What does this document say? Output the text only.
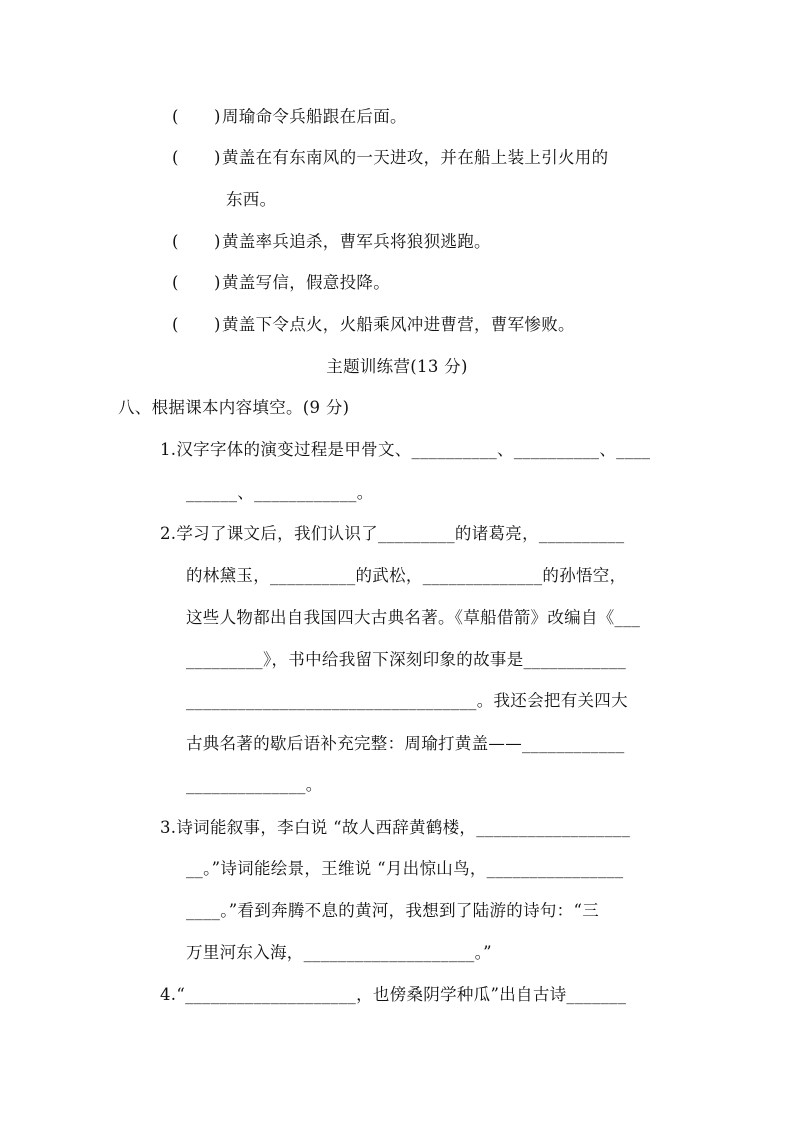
( ) 周瑜命令兵船跟在后面。
( ) 黄盖在有东南风的一天进攻，并在船上装上引火用的
东西。
( ) 黄盖率兵追杀，曹军兵将狼狈逃跑。
( ) 黄盖写信，假意投降。
( ) 黄盖下令点火，火船乘风冲进曹营，曹军惨败。
主题训练营(13 分)
八、根据课本内容填空。(9 分)
1.汉字字体的演变过程是甲骨文、__________、__________、____
______、____________。
2.学习了课文后，我们认识了_________的诸葛亮，__________
的林黛玉，__________的武松，______________的孙悟空，
这些人物都出自我国四大古典名著。《草船借箭》改编自《___
_________》，书中给我留下深刻印象的故事是____________
__________________________________。我还会把有关四大
古典名著的歇后语补充完整：周瑜打黄盖——____________
______________。
3.诗词能叙事，李白说 “故人西辞黄鹤楼，__________________
__。”诗词能绘景，王维说 “月出惊山鸟，________________
____。”看到奔腾不息的黄河，我想到了陆游的诗句：“三
万里河东入海，____________________。”
4.“____________________，也傍桑阴学种瓜”出自古诗_______
